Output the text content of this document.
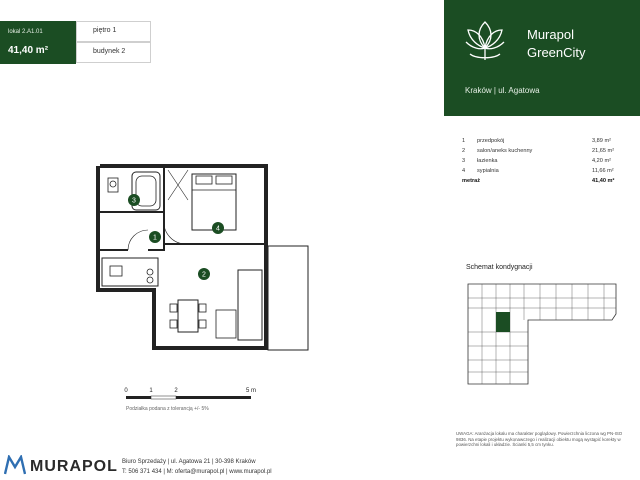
lokal 2.A1.01
41,40 m²
piętro 1
budynek 2
Murapol
GreenCity
Kraków | ul. Agatowa
1 przedpokój	3,89 m²
2 salon/aneks kuchenny	21,65 m²
3 łazienka	4,20 m²
4 sypialnia	11,66 m²
metraż	41,40 m²
3
1
4
2
0	1	2	5 m
Podziałka podana z tolerancją +/- 5%
Schemat kondygnacji
UWAGA: Aranżacja lokalu ma charakter poglądowy. Powierzchnia liczona wg PN-ISO 9836. Na etapie projektu wykonawczego i realizacji obiektu mogą wystąpić korekty w powierzchni lokali i układzie. Ścianki 5,5 cm tynku.
MURAPOL Biuro Sprzedaży | ul. Agatowa 21 | 30-398 Kraków
T: 506 371 434 | M: oferta@murapol.pl | www.murapol.pl
